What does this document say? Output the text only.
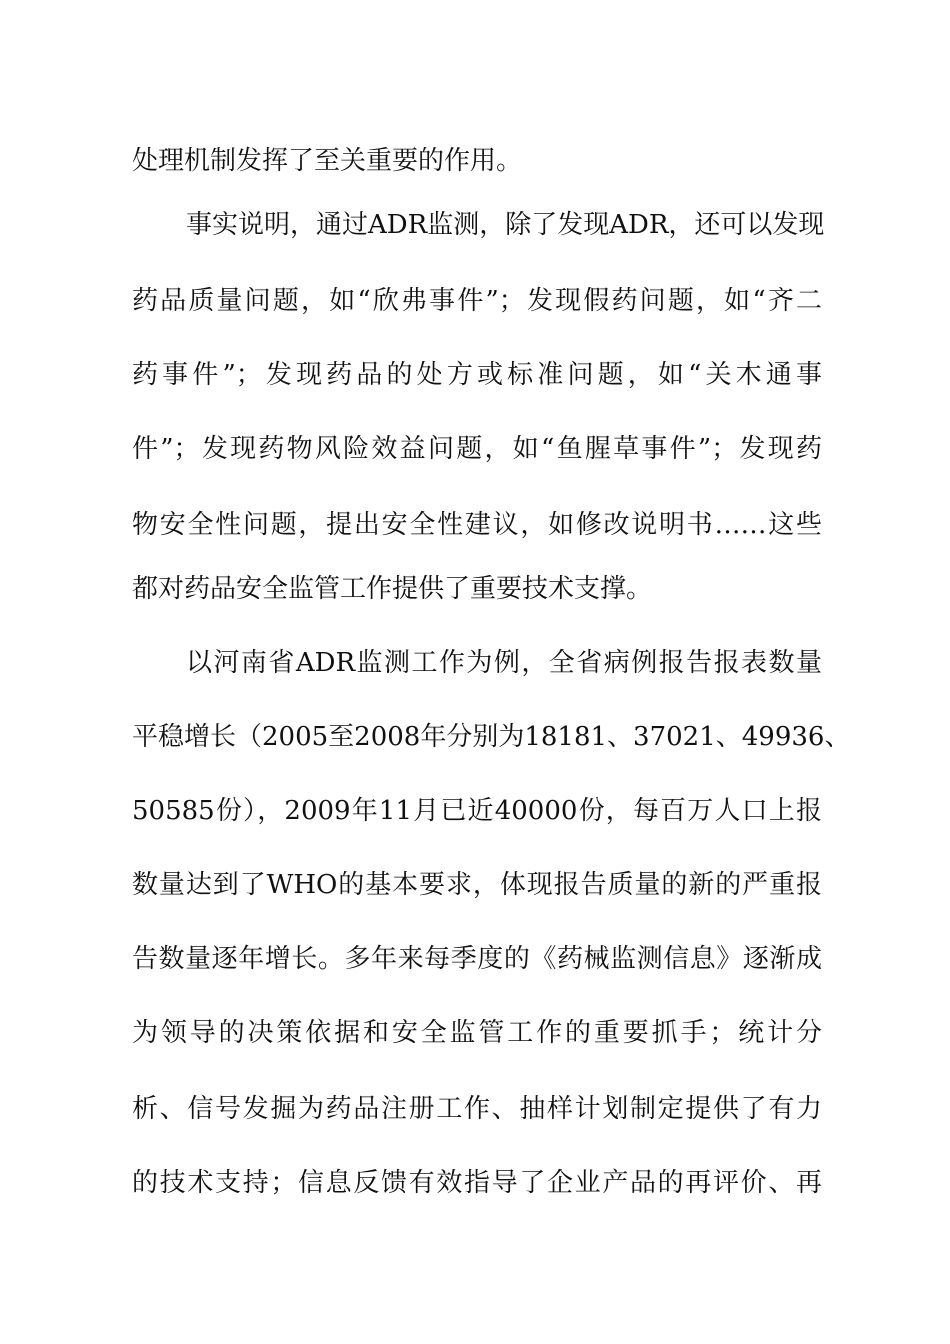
处理机制发挥了至关重要的作用。
事实说明，通过ADR监测，除了发现ADR，还可以发现
药品质量问题，如“欣弗事件”；发现假药问题，如“齐二
药事件”；发现药品的处方或标准问题，如“关木通事
件”；发现药物风险效益问题，如“鱼腥草事件”；发现药
物安全性问题，提出安全性建议，如修改说明书……这些
都对药品安全监管工作提供了重要技术支撑。
以河南省ADR监测工作为例，全省病例报告报表数量
平稳增长（2005至2008年分别为18181、37021、49936、
50585份），2009年11月已近40000份，每百万人口上报
数量达到了WHO的基本要求，体现报告质量的新的严重报
告数量逐年增长。多年来每季度的《药械监测信息》逐渐成
为领导的决策依据和安全监管工作的重要抓手；统计分
析、信号发掘为药品注册工作、抽样计划制定提供了有力
的技术支持；信息反馈有效指导了企业产品的再评价、再
